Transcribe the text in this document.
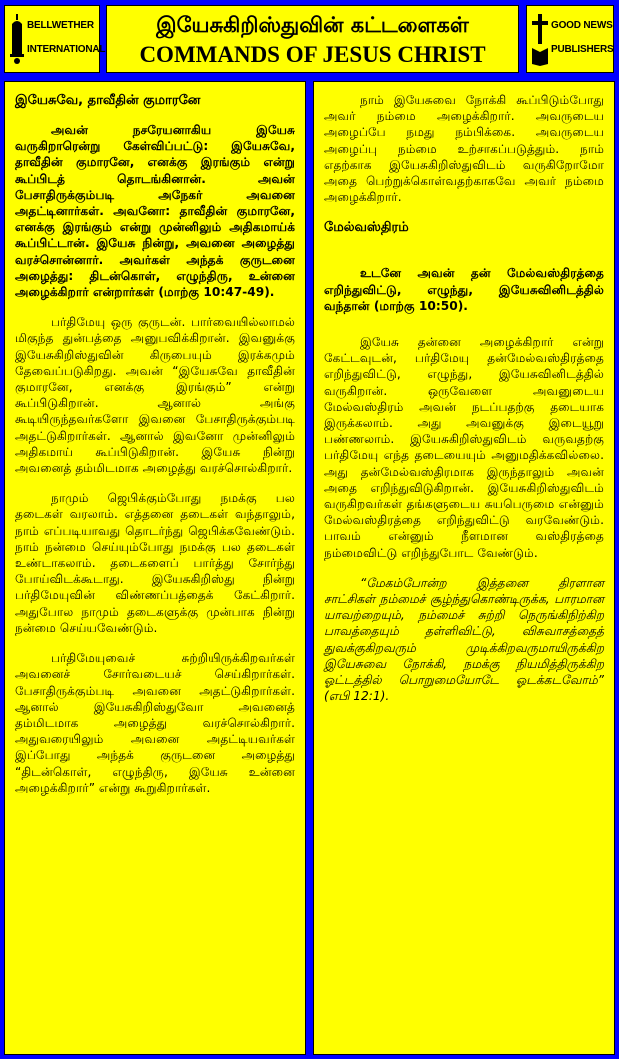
BELLWETHER
INTERNATIONAL
இயேசுகிறிஸ்துவின் கட்டளைகள்
COMMANDS OF JESUS CHRIST
GOOD NEWS
PUBLISHERS
இயேசுவே, தாவீதின் குமாரனே

அவன் நசரேயனாகிய இயேசு வருகிறாரென்று கேள்விப்பட்டு: இயேசுவே, தாவீதின் குமாரனே, எனக்கு இரங்கும் என்று கூப்பிடத் தொடங்கினான். அவன் பேசாதிருக்கும்படி அநேகர் அவனை அதட்டினார்கள். அவனோ: தாவீதின் குமாரனே, எனக்கு இரங்கும் என்று முன்னிலும் அதிகமாய்க் கூப்பிட்டான். இயேசு நின்று, அவனை அழைத்து வரச்சொன்னார். அவர்கள் அந்தக் குருடனை அழைத்து: திடன்கொள், எழுந்திரு, உன்னை அழைக்கிறார் என்றார்கள் (மாற்கு 10:47-49).

பர்திமேயு ஒரு குருடன். பார்வையில்லாமல் மிகுந்த துன்பத்தை அனுபவிக்கிறான். இவனுக்கு இயேசுகிறிஸ்துவின் கிருபையும் இரக்கமும் தேவைப்படுகிறது. அவன் “இயேசுவே தாவீதின் குமாரனே, எனக்கு இரங்கும்” என்று கூப்பிடுகிறான். ஆனால் அங்கு கூடியிருந்தவர்களோ இவனை பேசாதிருக்கும்படி அதட்டுகிறார்கள். ஆனால் இவனோ முன்னிலும் அதிகமாய் கூப்பிடுகிறான். இயேசு நின்று அவனைத் தம்மிடமாக அழைத்து வரச்சொல்கிறார்.

நாமும் ஜெபிக்கும்போது நமக்கு பல தடைகள் வரலாம். எத்தனை தடைகள் வந்தாலும், நாம் எப்படியாவது தொடர்ந்து ஜெபிக்கவேண்டும். நாம் நன்மை செய்யும்போது நமக்கு பல தடைகள் உண்டாகலாம். தடைகளைப் பார்த்து சோர்ந்து போய்விடக்கூடாது. இயேசுகிறிஸ்து நின்று பர்திமேயுவின் விண்ணப்பத்தைக் கேட்கிறார். அதுபோல நாமும் தடைகளுக்கு முன்பாக நின்று நன்மை செய்யவேண்டும்.

பர்திமேயுவைச் சுற்றியிருக்கிறவர்கள் அவனைச் சோர்வடையச் செய்கிறார்கள். பேசாதிருக்கும்படி அவனை அதட்டுகிறார்கள். ஆனால் இயேசுகிறிஸ்துவோ அவனைத் தம்மிடமாக அழைத்து வரச்சொல்கிறார். அதுவரையிலும் அவனை அதட்டியவர்கள் இப்போது அந்தக் குருடனை அழைத்து “திடன்கொள், எழுந்திரு, இயேசு உன்னை அழைக்கிறார்” என்று கூறுகிறார்கள்.

நாம் இயேசுவை நோக்கி கூப்பிடும்போது அவர் நம்மை அழைக்கிறார். அவருடைய அழைப்பே நமது நம்பிக்கை. அவருடைய அழைப்பு நம்மை உற்சாகப்படுத்தும். நாம் எதற்காக இயேசுகிறிஸ்துவிடம் வருகிறோமோ அதை பெற்றுக்கொள்வதற்காகவே அவர் நம்மை அழைக்கிறார்.

மேல்வஸ்திரம்

உடனே அவன் தன் மேல்வஸ்திரத்தை எறிந்துவிட்டு, எழுந்து, இயேசுவினிடத்தில் வந்தான் (மாற்கு 10:50).

இயேசு தன்னை அழைக்கிறார் என்று கேட்டவுடன், பர்திமேயு தன்மேல்வஸ்திரத்தை எறிந்துவிட்டு, எழுந்து, இயேசுவினிடத்தில் வருகிறான். ஒருவேளை அவனுடைய மேல்வஸ்திரம் அவன் நடப்பதற்கு தடையாக இருக்கலாம். அது அவனுக்கு இடையூறு பண்ணலாம். இயேசுகிறிஸ்துவிடம் வருவதற்கு பர்திமேயு எந்த தடையையும் அனுமதிக்கவில்லை. அது தன்மேல்வஸ்திரமாக இருந்தாலும் அவன் அதை எறிந்துவிடுகிறான். இயேசுகிறிஸ்துவிடம் வருகிறவர்கள் தங்களுடைய சுயபெருமை என்னும் மேல்வஸ்திரத்தை எறிந்துவிட்டு வரவேண்டும். பாவம் என்னும் நீளமான வஸ்திரத்தை நம்மைவிட்டு எறிந்துபோட வேண்டும்.

“மேகம்போன்ற இத்தனை திரளான சாட்சிகள் நம்மைச் சூழ்ந்துகொண்டிருக்க, பாரமான யாவற்றையும், நம்மைச் சுற்றி நெருங்கிநிற்கிற பாவத்தையும் தள்ளிவிட்டு, விசுவாசத்தைத் துவக்குகிறவரும் முடிக்கிறவருமாயிருக்கிற இயேசுவை நோக்கி, நமக்கு நியமித்திருக்கிற ஓட்டத்தில் பொறுமையோடே ஓடக்கடவோம்” (எபி 12:1).
